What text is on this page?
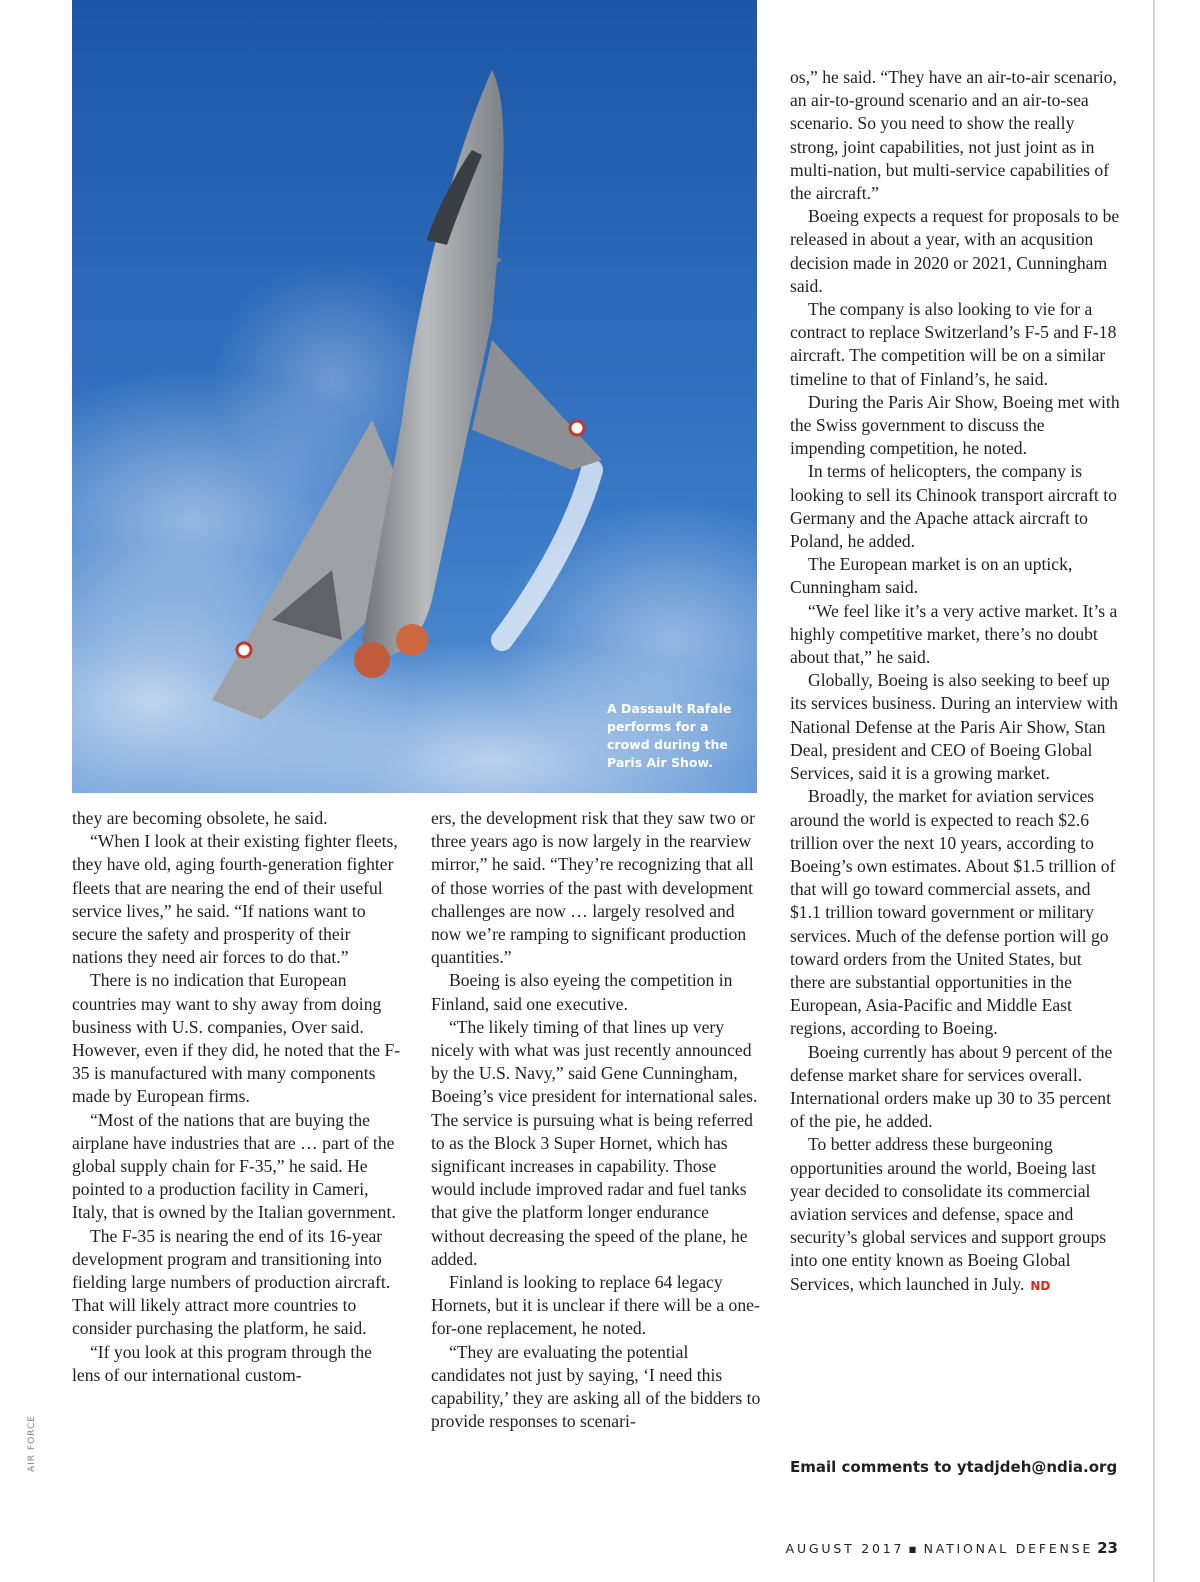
A Dassault Rafale performs for a crowd during the Paris Air Show.

they are becoming obsolete, he said.

“When I look at their existing fighter fleets, they have old, aging fourth-generation fighter fleets that are nearing the end of their useful service lives,” he said. “If nations want to secure the safety and prosperity of their nations they need air forces to do that.”

There is no indication that European countries may want to shy away from doing business with U.S. companies, Over said. However, even if they did, he noted that the F-35 is manufactured with many components made by European firms.

“Most of the nations that are buying the airplane have industries that are … part of the global supply chain for F-35,” he said. He pointed to a production facility in Cameri, Italy, that is owned by the Italian government.

The F-35 is nearing the end of its 16-year development program and transitioning into fielding large numbers of production aircraft. That will likely attract more countries to consider purchasing the platform, he said.

“If you look at this program through the lens of our international custom-

ers, the development risk that they saw two or three years ago is now largely in the rearview mirror,” he said. “They’re recognizing that all of those worries of the past with development challenges are now … largely resolved and now we’re ramping to significant production quantities.”

Boeing is also eyeing the competition in Finland, said one executive.

“The likely timing of that lines up very nicely with what was just recently announced by the U.S. Navy,” said Gene Cunningham, Boeing’s vice president for international sales. The service is pursuing what is being referred to as the Block 3 Super Hornet, which has significant increases in capability. Those would include improved radar and fuel tanks that give the platform longer endurance without decreasing the speed of the plane, he added.

Finland is looking to replace 64 legacy Hornets, but it is unclear if there will be a one-for-one replacement, he noted.

“They are evaluating the potential candidates not just by saying, ‘I need this capability,’ they are asking all of the bidders to provide responses to scenari-

os,” he said. “They have an air-to-air scenario, an air-to-ground scenario and an air-to-sea scenario. So you need to show the really strong, joint capabilities, not just joint as in multi-nation, but multi-service capabilities of the aircraft.”

Boeing expects a request for proposals to be released in about a year, with an acqusition decision made in 2020 or 2021, Cunningham said.

The company is also looking to vie for a contract to replace Switzerland’s F-5 and F-18 aircraft. The competition will be on a similar timeline to that of Finland’s, he said.

During the Paris Air Show, Boeing met with the Swiss government to discuss the impending competition, he noted.

In terms of helicopters, the company is looking to sell its Chinook transport aircraft to Germany and the Apache attack aircraft to Poland, he added.

The European market is on an uptick, Cunningham said.

“We feel like it’s a very active market. It’s a highly competitive market, there’s no doubt about that,” he said.

Globally, Boeing is also seeking to beef up its services business. During an interview with National Defense at the Paris Air Show, Stan Deal, president and CEO of Boeing Global Services, said it is a growing market.

Broadly, the market for aviation services around the world is expected to reach $2.6 trillion over the next 10 years, according to Boeing’s own estimates. About $1.5 trillion of that will go toward commercial assets, and $1.1 trillion toward government or military services. Much of the defense portion will go toward orders from the United States, but there are substantial opportunities in the European, Asia-Pacific and Middle East regions, according to Boeing.

Boeing currently has about 9 percent of the defense market share for services overall. International orders make up 30 to 35 percent of the pie, he added.

To better address these burgeoning opportunities around the world, Boeing last year decided to consolidate its commercial aviation services and defense, space and security’s global services and support groups into one entity known as Boeing Global Services, which launched in July. ND

Email comments to ytadjdeh@ndia.org
AIR FORCE
AUGUST 2017 ▪ NATIONAL DEFENSE 23
